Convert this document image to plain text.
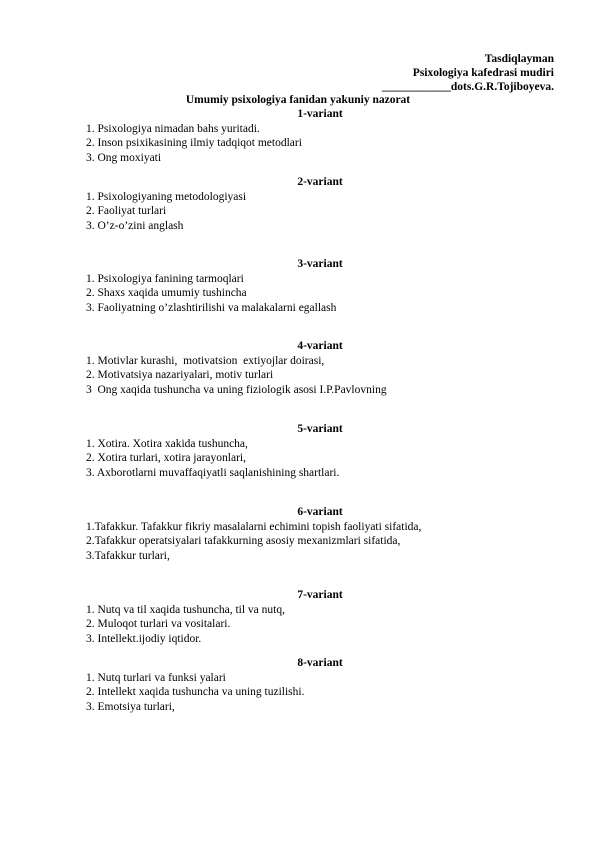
Tasdiqlayman
Psixologiya kafedrasi mudiri
____________dots.G.R.Tojiboyeva.
Umumiy psixologiya fanidan yakuniy nazorat
1-variant
1. Psixologiya nimadan bahs yuritadi.
2. Inson psixikasining ilmiy tadqiqot metodlari
3. Ong moxiyati
2-variant
1. Psixologiyaning metodologiyasi
2. Faoliyat turlari
3. O’z-o’zini anglash
3-variant
1. Psixologiya fanining tarmoqlari
2. Shaxs xaqida umumiy tushincha
3. Faoliyatning o’zlashtirilishi va malakalarni egallash
4-variant
1. Motivlar kurashi,  motivatsion  extiyojlar doirasi,
2. Motivatsiya nazariyalari, motiv turlari
3  Ong xaqida tushuncha va uning fiziologik asosi I.P.Pavlovning
5-variant
1. Xotira. Xotira xakida tushuncha,
2. Xotira turlari, xotira jarayonlari,
3. Axborotlarni muvaffaqiyatli saqlanishining shartlari.
6-variant
1.Tafakkur. Tafakkur fikriy masalalarni echimini topish faoliyati sifatida,
2.Tafakkur operatsiyalari tafakkurning asosiy mexanizmlari sifatida,
3.Tafakkur turlari,
7-variant
1. Nutq va til xaqida tushuncha, til va nutq,
2. Muloqot turlari va vositalari.
3. Intellekt.ijodiy iqtidor.
8-variant
1. Nutq turlari va funksi yalari
2. Intellekt xaqida tushuncha va uning tuzilishi.
3. Emotsiya turlari,
